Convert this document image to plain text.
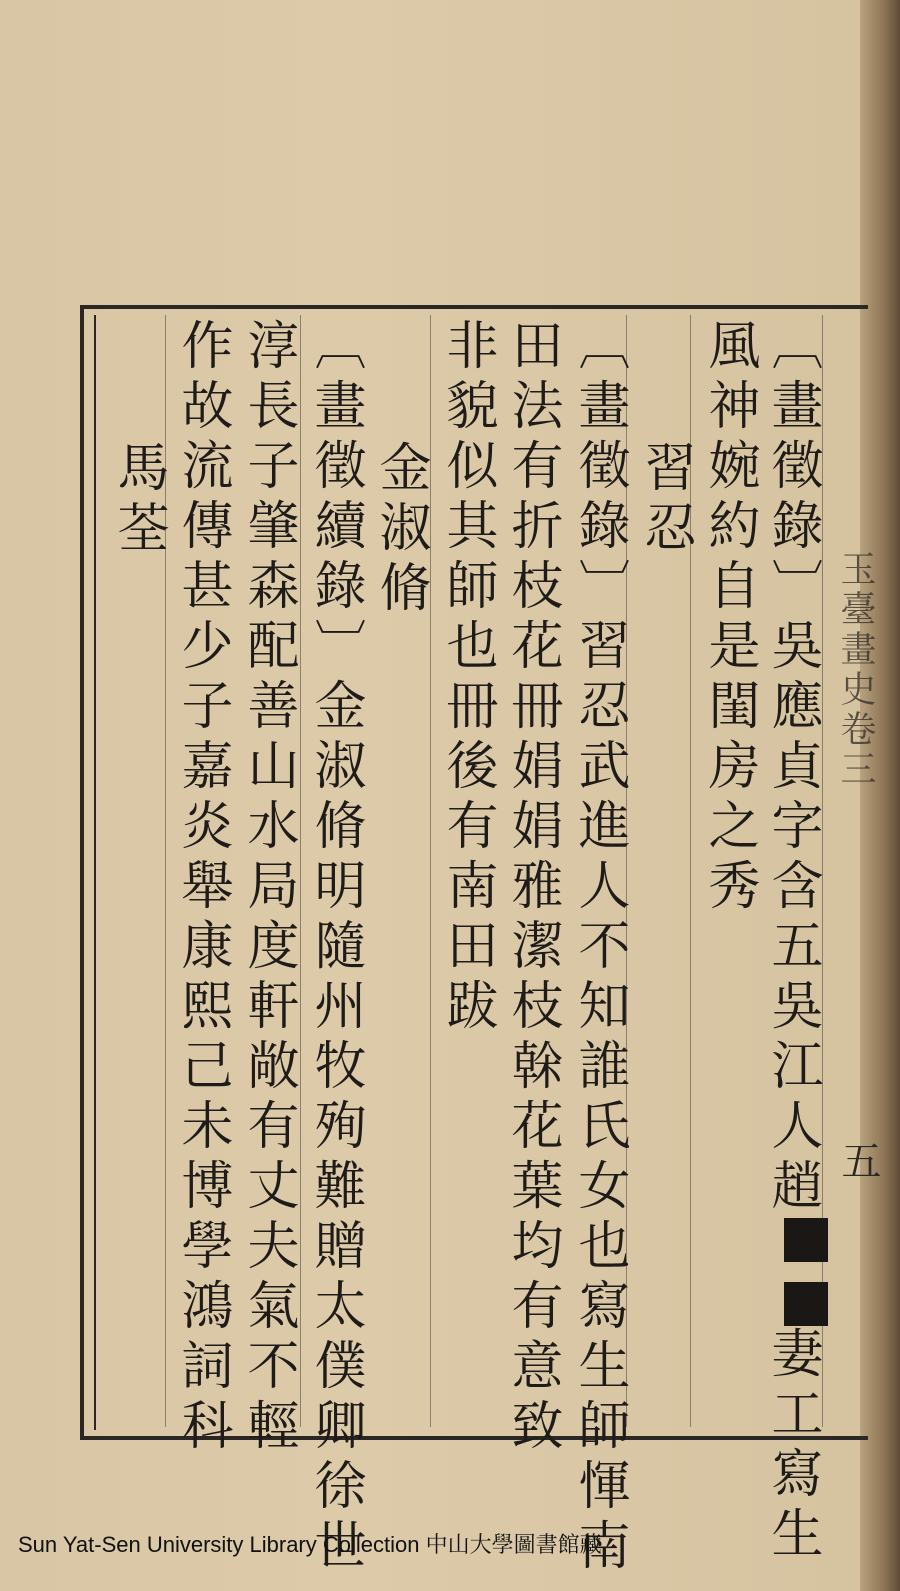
〔畫徵錄〕吳應貞字含五吳江人趙妻工寫生
風神婉約自是閨房之秀
習忍
〔畫徵錄〕習忍武進人不知誰氏女也寫生師惲南
田法有折枝花冊娟娟雅潔枝榦花葉均有意致
非貌似其師也冊後有南田跋
金淑脩
〔畫徵續錄〕金淑脩明隨州牧殉難贈太僕卿徐世
淳長子肇森配善山水局度軒敞有丈夫氣不輕
作故流傳甚少子嘉炎舉康熙己未博學鴻詞科
馬荃
玉臺畫史卷三
五
Sun Yat-Sen University Library Collection 中山大學圖書館藏
